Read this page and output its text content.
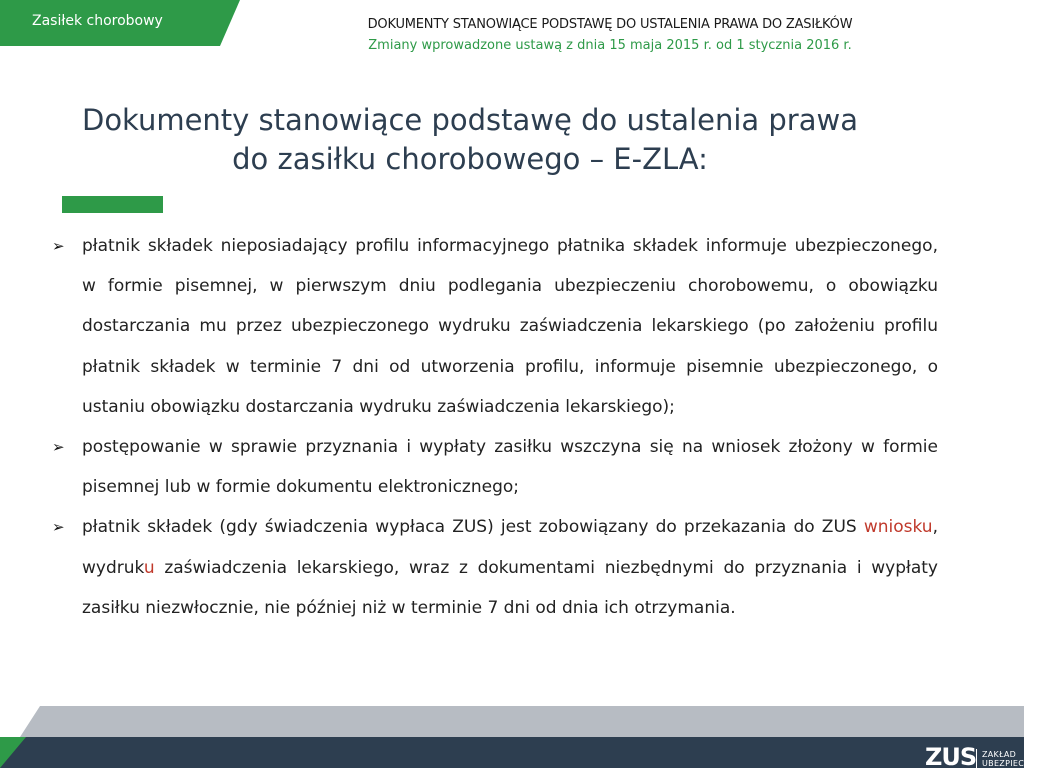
Zasiłek chorobowy	DOKUMENTY STANOWIĄCE PODSTAWĘ DO USTALENIA PRAWA DO ZASIŁKÓW
Zmiany wprowadzone ustawą z dnia 15 maja 2015 r. od 1 stycznia 2016 r.
Dokumenty stanowiące podstawę do ustalenia prawa
do zasiłku chorobowego – E-ZLA:
➢ płatnik składek nieposiadający profilu informacyjnego płatnika składek informuje ubezpieczonego, w formie pisemnej, w pierwszym dniu podlegania ubezpieczeniu chorobowemu, o obowiązku dostarczania mu przez ubezpieczonego wydruku zaświadczenia lekarskiego (po założeniu profilu płatnik składek w terminie 7 dni od utworzenia profilu, informuje pisemnie ubezpieczonego, o ustaniu obowiązku dostarczania wydruku zaświadczenia lekarskiego);
➢ postępowanie w sprawie przyznania i wypłaty zasiłku wszczyna się na wniosek złożony w formie pisemnej lub w formie dokumentu elektronicznego;
➢ płatnik składek (gdy świadczenia wypłaca ZUS) jest zobowiązany do przekazania do ZUS wniosku, wydruku zaświadczenia lekarskiego, wraz z dokumentami niezbędnymi do przyznania i wypłaty zasiłku niezwłocznie, nie później niż w terminie 7 dni od dnia ich otrzymania.
ZUS ZAKŁAD
UBEZPIECZEŃ
